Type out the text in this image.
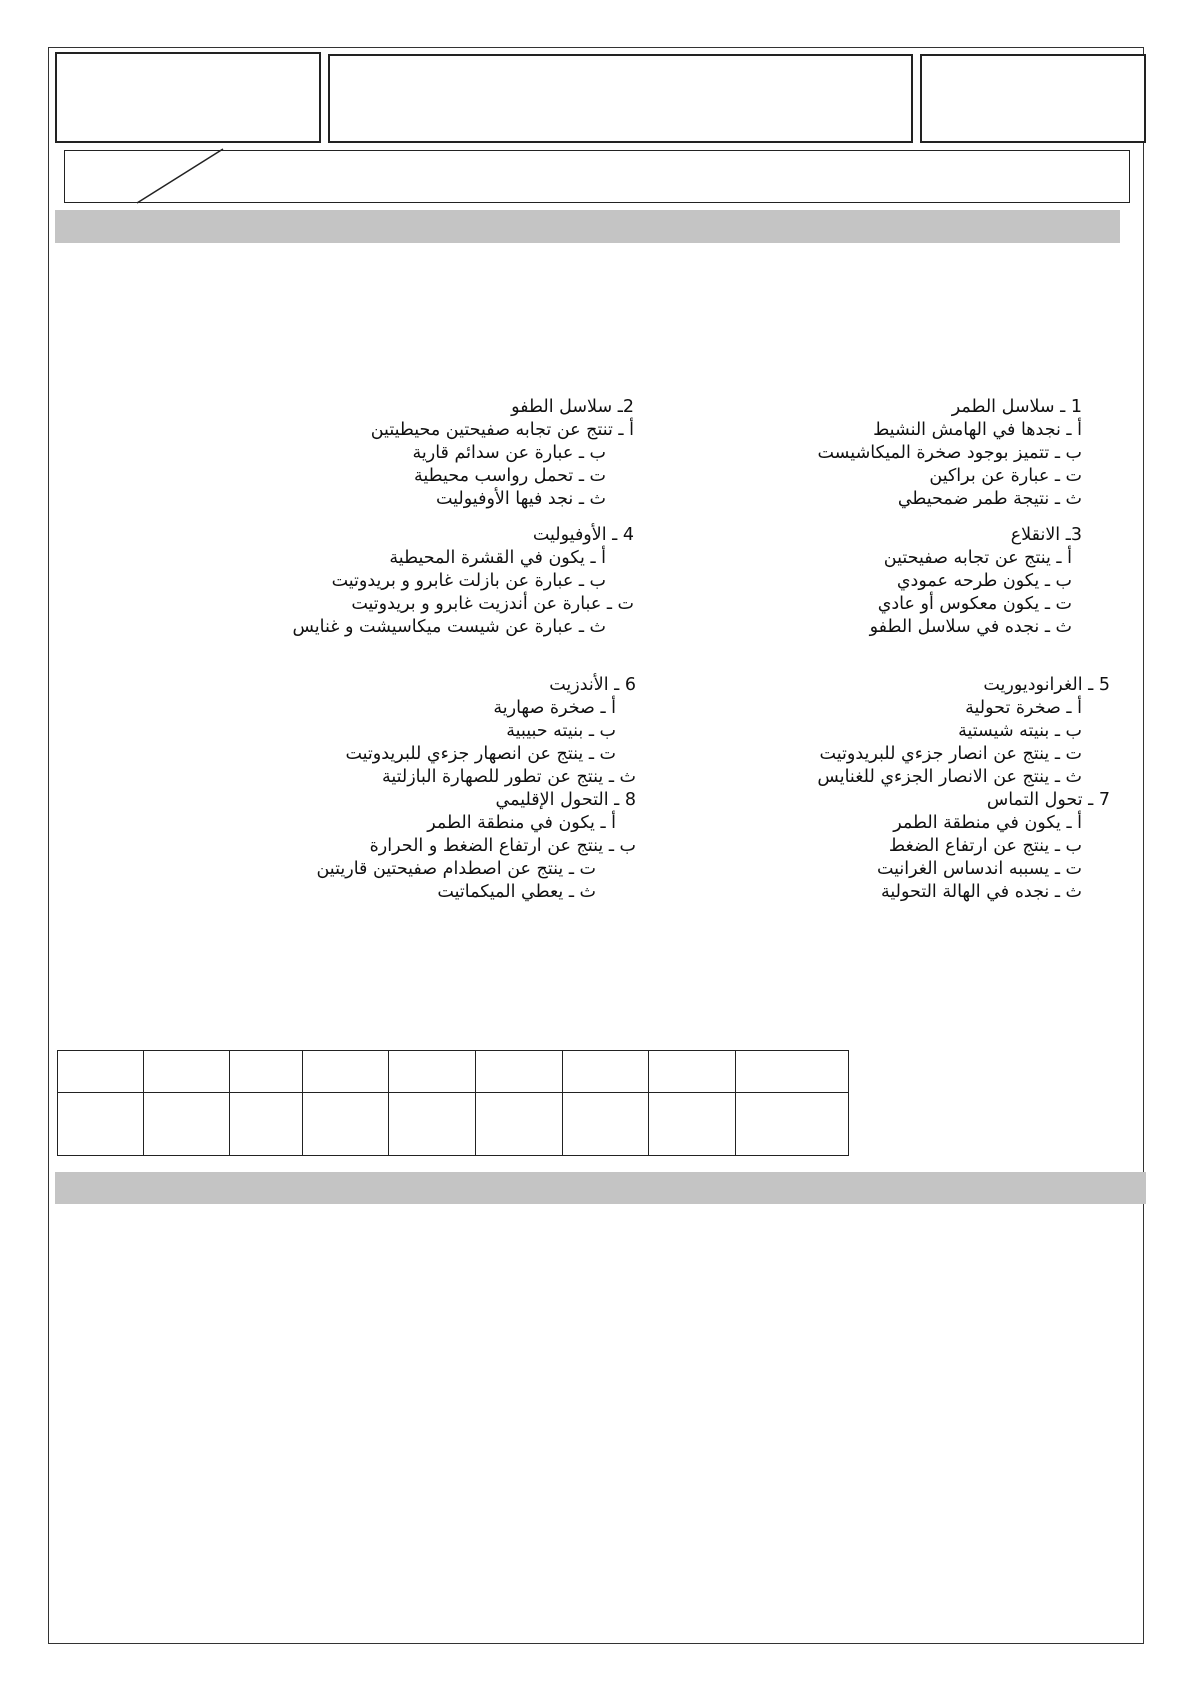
1 ـ سلاسل الطمر
أ ـ نجدها في الهامش النشيط
ب ـ تتميز بوجود صخرة الميكاشيست
ت ـ عبارة عن براكين
ث ـ نتيجة طمر ضمحيطي
2ـ سلاسل الطفو
أ ـ تنتج عن تجابه صفيحتين محيطيتين
ب ـ عبارة عن سدائم قارية
ت ـ تحمل رواسب محيطية
ث ـ نجد فيها الأوفيوليت
3ـ الانقلاع
أ ـ ينتج عن تجابه صفيحتين
ب ـ يكون طرحه عمودي
ت ـ يكون معكوس أو عادي
ث ـ نجده في سلاسل الطفو
4 ـ الأوفيوليت
أ ـ يكون في القشرة المحيطية
ب ـ عبارة عن بازلت غابرو و بريدوتيت
ت ـ عبارة عن أندزيت غابرو و بريدوتيت
ث ـ عبارة عن شيست ميكاسيشت و غنايس
5 ـ الغرانوديوريت
أ ـ صخرة تحولية
ب ـ بنيته شيستية
ت ـ ينتج عن انصار جزءي للبريدوتيت
ث ـ ينتج عن الانصار الجزءي للغنايس
7 ـ تحول التماس
أ ـ يكون في منطقة الطمر
ب ـ ينتج عن ارتفاع الضغط
ت ـ يسببه اندساس الغرانيت
ث ـ نجده في الهالة التحولية
6 ـ الأندزيت
أ ـ صخرة صهارية
ب ـ بنيته حبيبية
ت ـ ينتج عن انصهار جزءي للبريدوتيت
ث ـ ينتج عن تطور للصهارة البازلتية
8 ـ التحول الإقليمي
أ ـ يكون في منطقة الطمر
ب ـ ينتج عن ارتفاع الضغط و الحرارة
ت ـ ينتج عن اصطدام صفيحتين قاريتين
ث ـ يعطي الميكماتيت
